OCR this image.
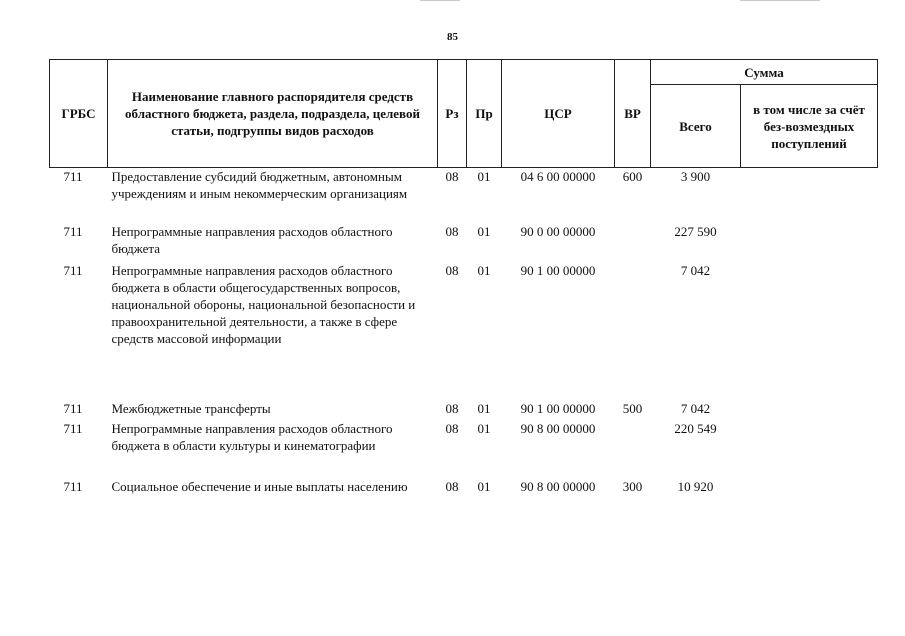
85
ГРБС	Наименование главного распорядителя средств областного бюджета, раздела, подраздела, целевой статьи, подгруппы видов расходов	Рз	Пр	ЦСР	ВР	Сумма	
						Всего	в том числе за счёт без-возмездных поступлений
711	Предоставление субсидий бюджетным, автономным учреждениям и иным некоммерческим организациям	08	01	04 6 00 00000	600	3 900	
711	Непрограммные направления расходов областного бюджета	08	01	90 0 00 00000		227 590	
711	Непрограммные направления расходов областного бюджета в области общегосударственных вопросов, национальной обороны, национальной безопасности и правоохранительной деятельности, а также в сфере средств массовой информации	08	01	90 1 00 00000		7 042	
711	Межбюджетные трансферты	08	01	90 1 00 00000	500	7 042	
711	Непрограммные направления расходов областного бюджета в области культуры и кинематографии	08	01	90 8 00 00000		220 549	
711	Социальное обеспечение и иные выплаты населению	08	01	90 8 00 00000	300	10 920	
